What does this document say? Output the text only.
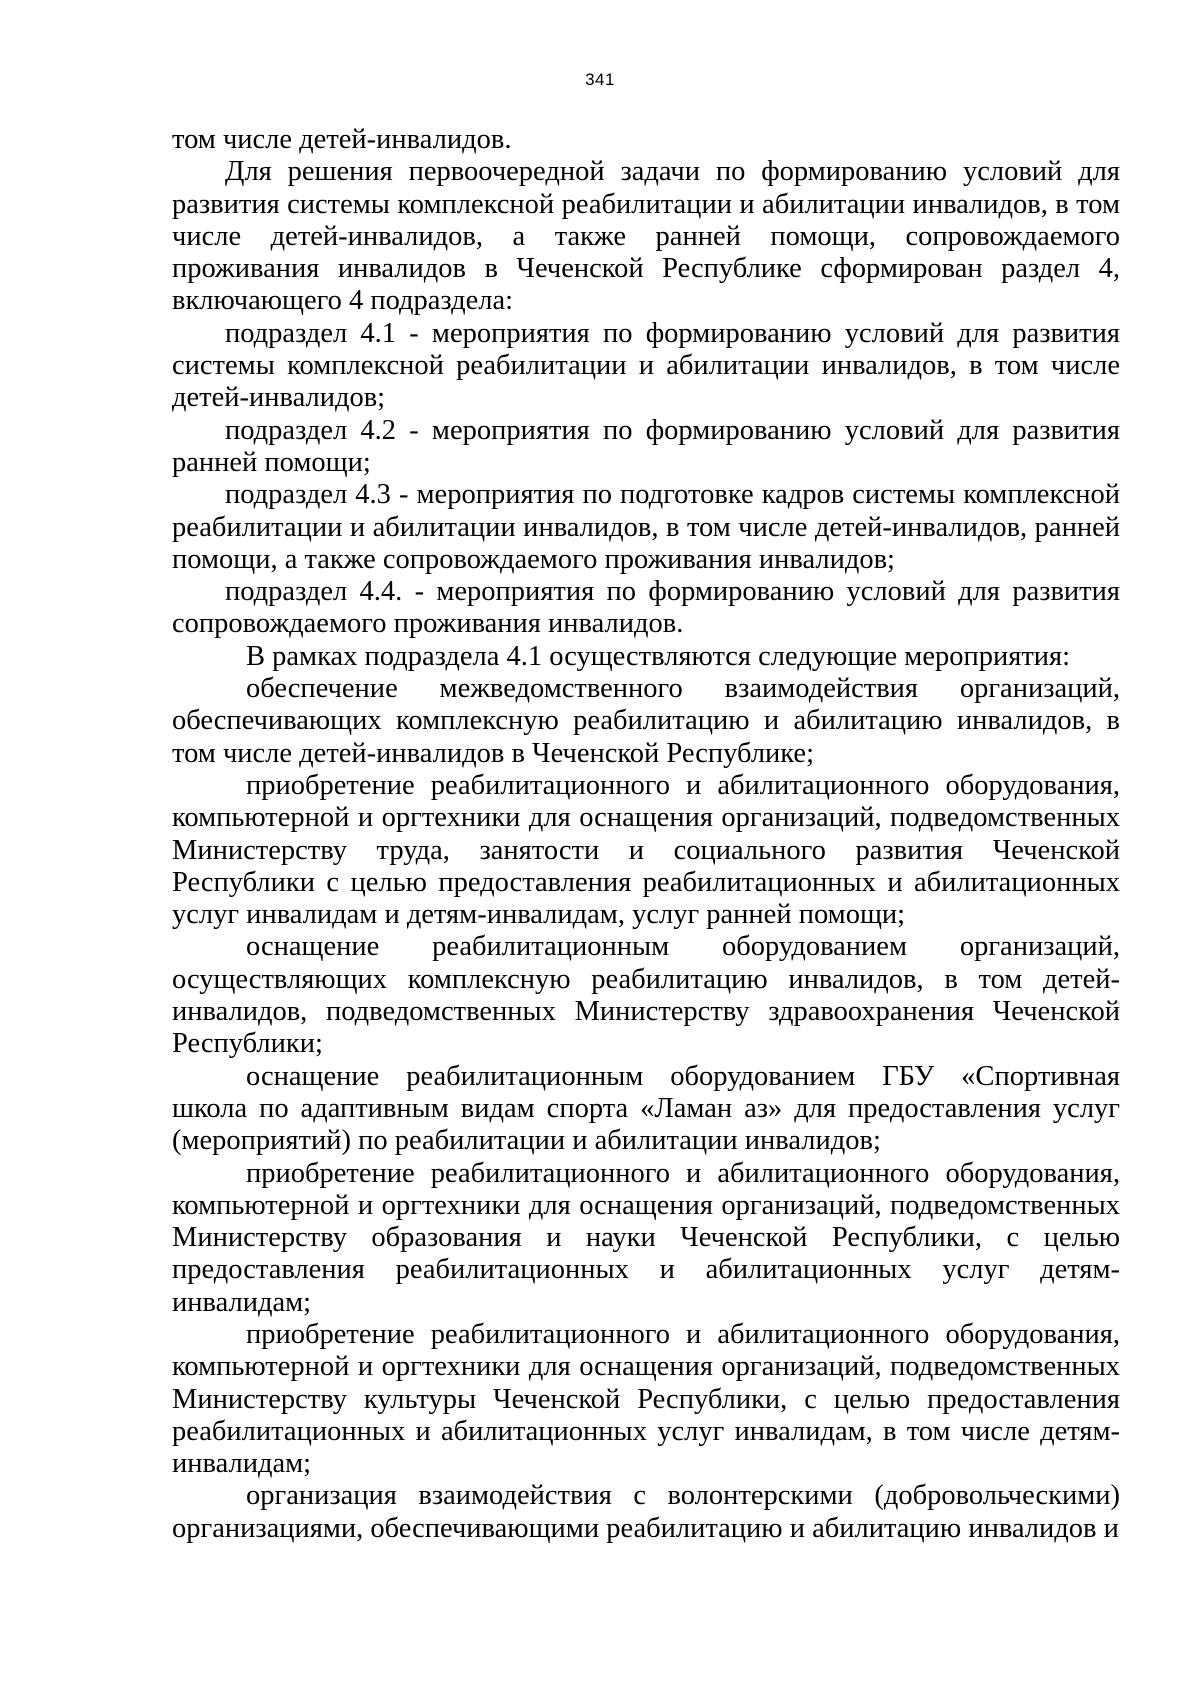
341

том числе детей-инвалидов.

Для решения первоочередной задачи по формированию условий для развития системы комплексной реабилитации и абилитации инвалидов, в том числе детей-инвалидов, а также ранней помощи, сопровождаемого проживания инвалидов в Чеченской Республике сформирован раздел 4, включающего 4 подраздела:

подраздел 4.1 - мероприятия по формированию условий для развития системы комплексной реабилитации и абилитации инвалидов, в том числе детей-инвалидов;

подраздел 4.2 - мероприятия по формированию условий для развития ранней помощи;

подраздел 4.3 - мероприятия по подготовке кадров системы комплексной реабилитации и абилитации инвалидов, в том числе детей-инвалидов, ранней помощи, а также сопровождаемого проживания инвалидов;

подраздел 4.4. - мероприятия по формированию условий для развития сопровождаемого проживания инвалидов.

В рамках подраздела 4.1 осуществляются следующие мероприятия:

обеспечение межведомственного взаимодействия организаций, обеспечивающих комплексную реабилитацию и абилитацию инвалидов, в том числе детей-инвалидов в Чеченской Республике;

приобретение реабилитационного и абилитационного оборудования, компьютерной и оргтехники для оснащения организаций, подведомственных Министерству труда, занятости и социального развития Чеченской Республики с целью предоставления реабилитационных и абилитационных услуг инвалидам и детям-инвалидам, услуг ранней помощи;

оснащение реабилитационным оборудованием организаций, осуществляющих комплексную реабилитацию инвалидов, в том детей-инвалидов, подведомственных Министерству здравоохранения Чеченской Республики;

оснащение реабилитационным оборудованием ГБУ «Спортивная школа по адаптивным видам спорта «Ламан аз» для предоставления услуг (мероприятий) по реабилитации и абилитации инвалидов;

приобретение реабилитационного и абилитационного оборудования, компьютерной и оргтехники для оснащения организаций, подведомственных Министерству образования и науки Чеченской Республики, с целью предоставления реабилитационных и абилитационных услуг детям-инвалидам;

приобретение реабилитационного и абилитационного оборудования, компьютерной и оргтехники для оснащения организаций, подведомственных Министерству культуры Чеченской Республики, с целью предоставления реабилитационных и абилитационных услуг инвалидам, в том числе детям-инвалидам;

организация взаимодействия с волонтерскими (добровольческими) организациями, обеспечивающими реабилитацию и абилитацию инвалидов и
